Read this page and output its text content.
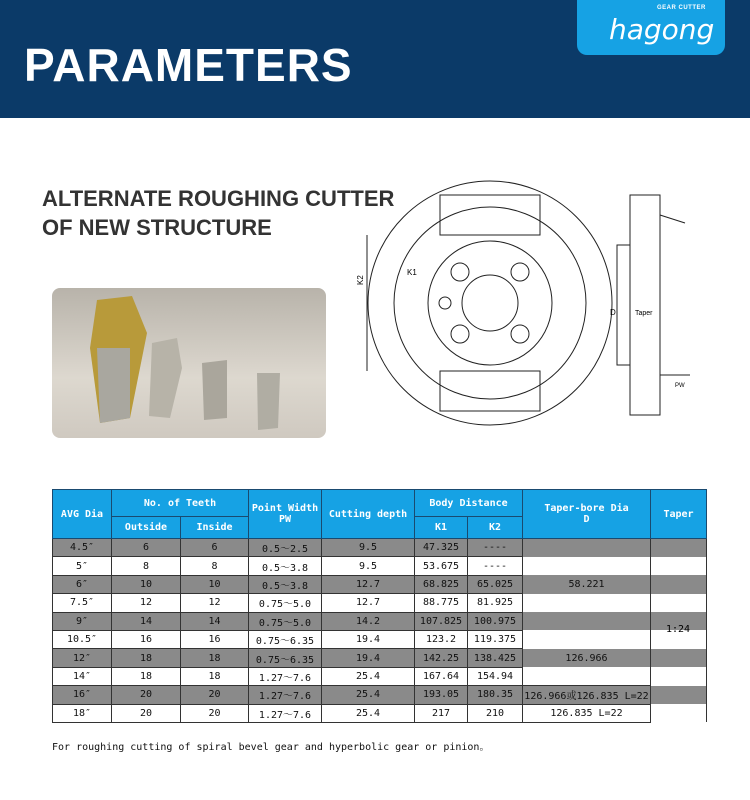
PARAMETERS
GEAR CUTTER
hagong
ALTERNATE ROUGHING CUTTER
OF NEW STRUCTURE
K2
K1
D	Taper
PW
AVG Dia	No. of Teeth		Point Width
PW	Cutting depth	Body Distance		Taper-bore Dia
D	Taper
	Outside	Inside			K1	K2		
4.5″	6	6	0.5～2.5	9.5	47.325	----		
5″	8	8	0.5～3.8	9.5	53.675	----		
6″	10	10	0.5～3.8	12.7	68.825	65.025	58.221	
7.5″	12	12	0.75～5.0	12.7	88.775	81.925		
9″	14	14	0.75～5.0	14.2	107.825	100.975		
10.5″	16	16	0.75～6.35	19.4	123.2	119.375		
12″	18	18	0.75～6.35	19.4	142.25	138.425	126.966	
14″	18	18	1.27～7.6	25.4	167.64	154.94		
16″	20	20	1.27～7.6	25.4	193.05	180.35	126.966或126.835 L=22	
18″	20	20	1.27～7.6	25.4	217	210	126.835 L=22	
1:24
For roughing cutting of spiral bevel gear and hyperbolic gear or pinion。
